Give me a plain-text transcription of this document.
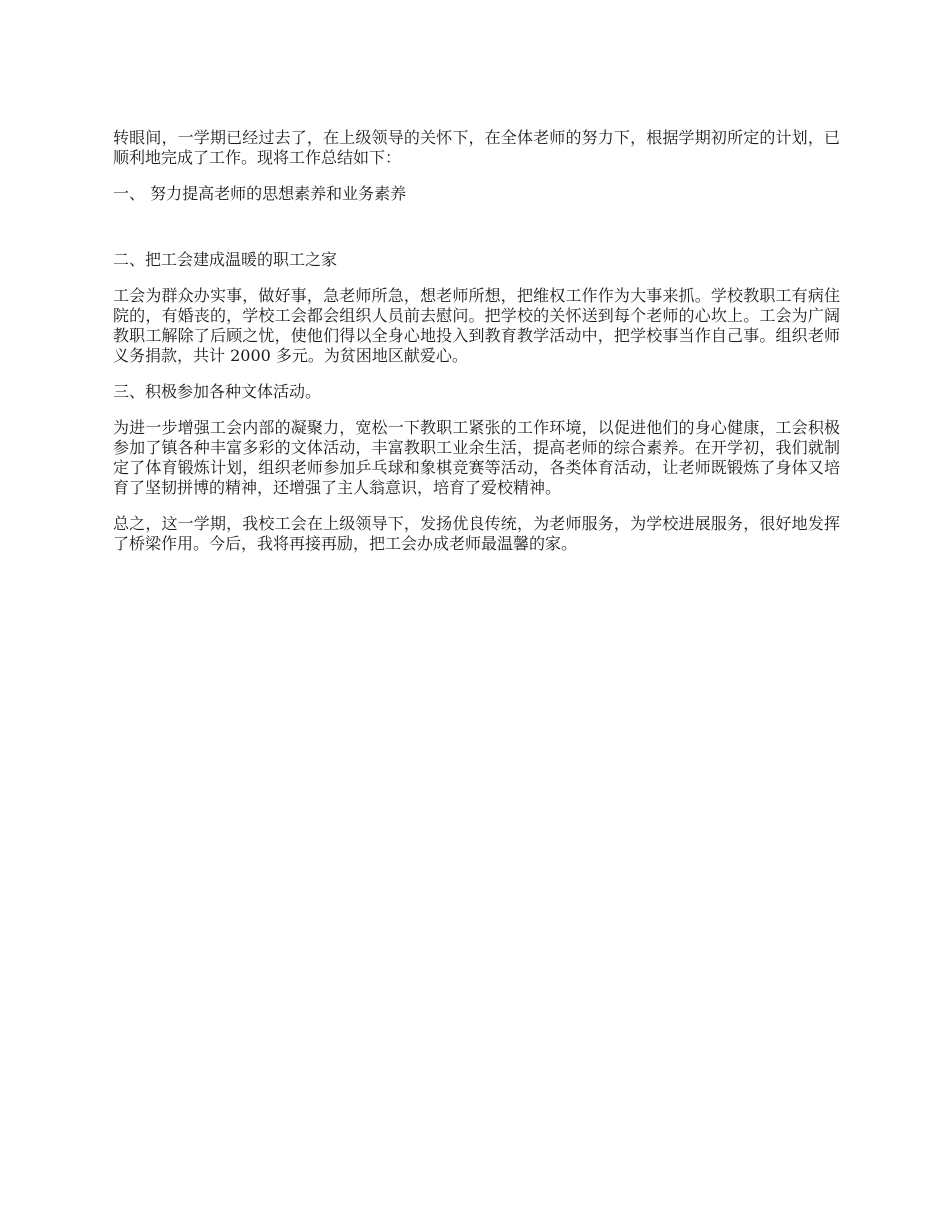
转眼间，一学期已经过去了，在上级领导的关怀下，在全体老师的努力下，根据学期初所定的计划，已顺利地完成了工作。现将工作总结如下：

一、 努力提高老师的思想素养和业务素养

二、把工会建成温暖的职工之家

工会为群众办实事，做好事，急老师所急，想老师所想，把维权工作作为大事来抓。学校教职工有病住院的，有婚丧的，学校工会都会组织人员前去慰问。把学校的关怀送到每个老师的心坎上。工会为广阔教职工解除了后顾之忧，使他们得以全身心地投入到教育教学活动中，把学校事当作自己事。组织老师义务捐款，共计 2000 多元。为贫困地区献爱心。

三、积极参加各种文体活动。

为进一步增强工会内部的凝聚力，宽松一下教职工紧张的工作环境，以促进他们的身心健康，工会积极参加了镇各种丰富多彩的文体活动，丰富教职工业余生活，提高老师的综合素养。在开学初，我们就制定了体育锻炼计划，组织老师参加乒乓球和象棋竞赛等活动，各类体育活动，让老师既锻炼了身体又培育了坚韧拼博的精神，还增强了主人翁意识，培育了爱校精神。

总之，这一学期，我校工会在上级领导下，发扬优良传统，为老师服务，为学校进展服务，很好地发挥了桥梁作用。今后，我将再接再励，把工会办成老师最温馨的家。
